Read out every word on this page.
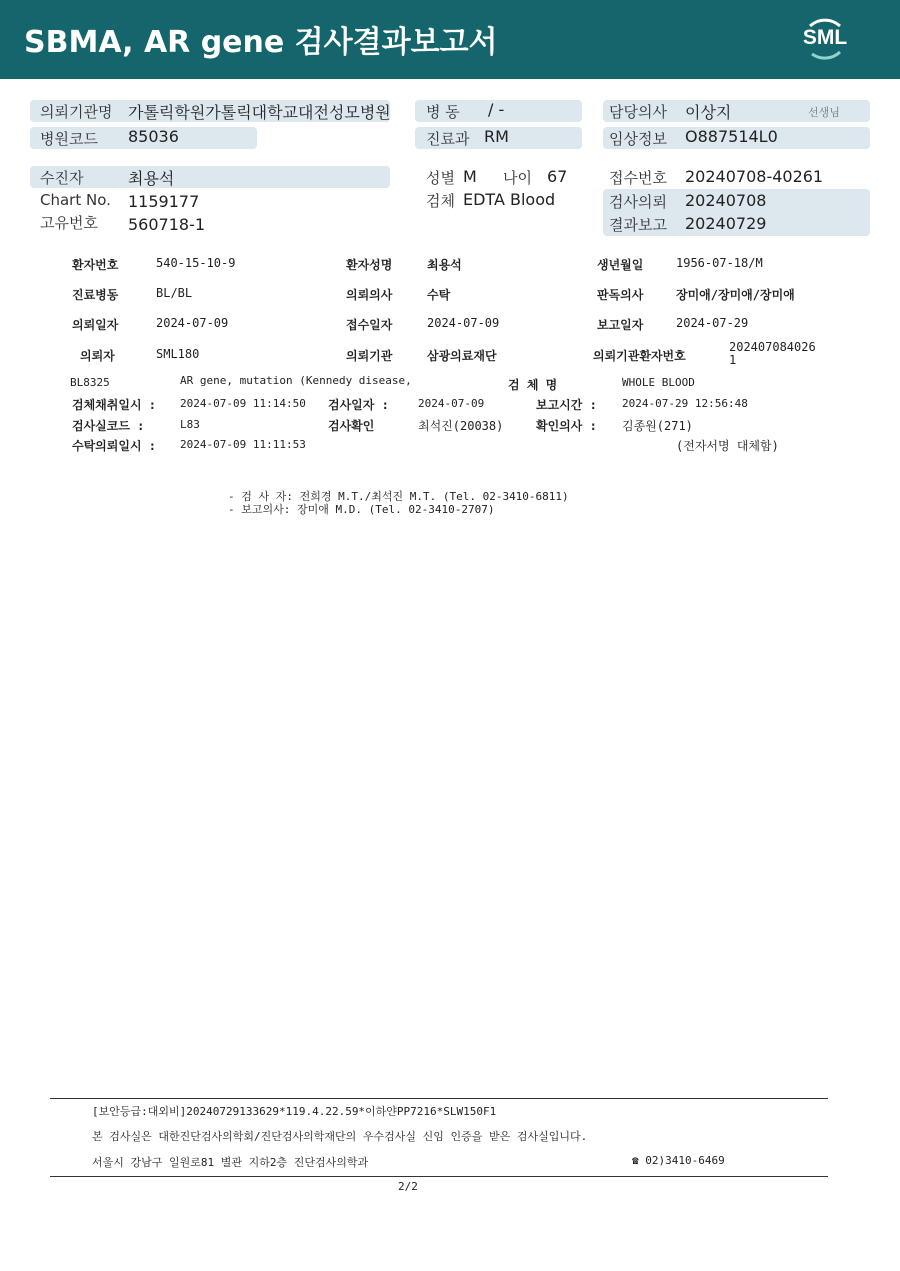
SBMA, AR gene 검사결과보고서	SML
의뢰기관명 가톨릭학원가톨릭대학교대전성모병원
병원코드 85036
병 동 / -
진료과 RM
담당의사 이상지	선생님
임상정보 O887514L0
수진자	최용석
Chart No. 1159177
고유번호 560718-1
성별 M 나이 67
검체 EDTA Blood
접수번호 20240708-40261
검사의뢰 20240708
결과보고 20240729
환자번호	540-15-10-9	환자성명	최용석	생년월일	1956-07-18/M
진료병동	BL/BL	의뢰의사	수탁	판독의사	장미애/장미애/장미애
의뢰일자	2024-07-09	접수일자	2024-07-09	보고일자	2024-07-29
의뢰자	SML180	의뢰기관	삼광의료재단	의뢰기관환자번호
202407084026
1
BL8325	AR gene, mutation (Kennedy disease,	검 체 명	WHOLE BLOOD
검체채취일시 : 2024-07-09 11:14:50 검사일자 :	2024-07-09	보고시간 : 2024-07-29 12:56:48
검사실코드 :	L83	검사확인	최석진(20038)	확인의사 : 김종원(271)
수탁의뢰일시 : 2024-07-09 11:11:53	(전자서명 대체함)
- 검 사 자: 전희경 M.T./최석진 M.T. (Tel. 02-3410-6811)
- 보고의사: 장미애 M.D. (Tel. 02-3410-2707)
[보안등급:대외비]20240729133629*119.4.22.59*이하얀PP7216*SLW150F1
본 검사실은 대한진단검사의학회/진단검사의학재단의 우수검사실 신임 인증을 받은 검사실입니다.
서울시 강남구 일원로81 별관 지하2층 진단검사의학과	☎ 02)3410-6469
2/2
